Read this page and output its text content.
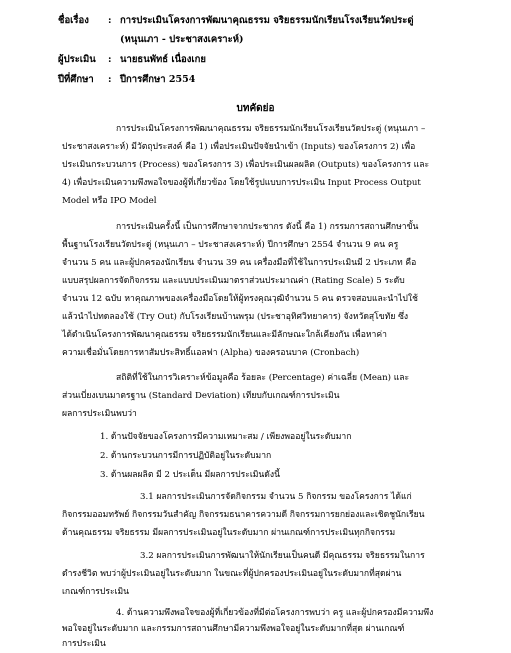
ชื่อเรื่อง : การประเมินโครงการพัฒนาคุณธรรม จริยธรรมนักเรียนโรงเรียนวัดประดู่
(หนุนเภา - ประชาสงเคราะห์)
ผู้ประเมิน : นายธนพัทธ์ เนื่องเกย
ปีที่ศึกษา : ปีการศึกษา 2554
บทคัดย่อ
การประเมินโครงการพัฒนาคุณธรรม จริยธรรมนักเรียนโรงเรียนวัดประดู่ (หนุนเภา –
ประชาสงเคราะห์) มีวัตถุประสงค์ คือ 1) เพื่อประเมินปัจจัยนำเข้า (Inputs) ของโครงการ 2) เพื่อ
ประเมินกระบวนการ (Process) ของโครงการ 3) เพื่อประเมินผลผลิต (Outputs) ของโครงการ และ
4) เพื่อประเมินความพึงพอใจของผู้ที่เกี่ยวข้อง โดยใช้รูปแบบการประเมิน Input Process Output
Model หรือ IPO Model
การประเมินครั้งนี้ เป็นการศึกษาจากประชากร ดังนี้ คือ 1) กรรมการสถานศึกษาขั้น
พื้นฐานโรงเรียนวัดประดู่ (หนุนเภา – ประชาสงเคราะห์) ปีการศึกษา 2554 จำนวน 9 คน ครู
จำนวน 5 คน และผู้ปกครองนักเรียน จำนวน 39 คน เครื่องมือที่ใช้ในการประเมินมี 2 ประเภท คือ
แบบสรุปผลการจัดกิจกรรม และแบบประเมินมาตราส่วนประมาณค่า (Rating Scale) 5 ระดับ
จำนวน 12 ฉบับ หาคุณภาพของเครื่องมือโดยให้ผู้ทรงคุณวุฒิจำนวน 5 คน ตรวจสอบและนำไปใช้
แล้วนำไปทดลองใช้ (Try Out) กับโรงเรียนบ้านพรุม (ประชาอุทิศวิทยาคาร) จังหวัดสุโขทัย ซึ่ง
ได้ดำเนินโครงการพัฒนาคุณธรรม จริยธรรมนักเรียนและมีลักษณะใกล้เคียงกัน เพื่อหาค่า
ความเชื่อมั่นโดยการหาสัมประสิทธิ์แอลฟา (Alpha) ของครอนบาค (Cronbach)
สถิติที่ใช้ในการวิเคราะห์ข้อมูลคือ ร้อยละ (Percentage) ค่าเฉลี่ย (Mean) และ
ส่วนเบี่ยงเบนมาตรฐาน (Standard Deviation) เทียบกับเกณฑ์การประเมิน
ผลการประเมินพบว่า
1. ด้านปัจจัยของโครงการมีความเหมาะสม / เพียงพออยู่ในระดับมาก
2. ด้านกระบวนการมีการปฏิบัติอยู่ในระดับมาก
3. ด้านผลผลิต มี 2 ประเด็น มีผลการประเมินดังนี้
3.1 ผลการประเมินการจัดกิจกรรม จำนวน 5 กิจกรรม ของโครงการ ได้แก่
กิจกรรมออมทรัพย์ กิจกรรมวันสำคัญ กิจกรรมธนาคารความดี กิจกรรมการยกย่องและเชิดชูนักเรียน
ด้านคุณธรรม จริยธรรม มีผลการประเมินอยู่ในระดับมาก ผ่านเกณฑ์การประเมินทุกกิจกรรม
3.2 ผลการประเมินการพัฒนาให้นักเรียนเป็นคนดี มีคุณธรรม จริยธรรมในการ
ดำรงชีวิต พบว่าผู้ประเมินอยู่ในระดับมาก ในขณะที่ผู้ปกครองประเมินอยู่ในระดับมากที่สุดผ่าน
เกณฑ์การประเมิน
4. ด้านความพึงพอใจของผู้ที่เกี่ยวข้องที่มีต่อโครงการพบว่า ครู และผู้ปกครองมีความพึง
พอใจอยู่ในระดับมาก และกรรมการสถานศึกษามีความพึงพอใจอยู่ในระดับมากที่สุด ผ่านเกณฑ์
การประเมิน
